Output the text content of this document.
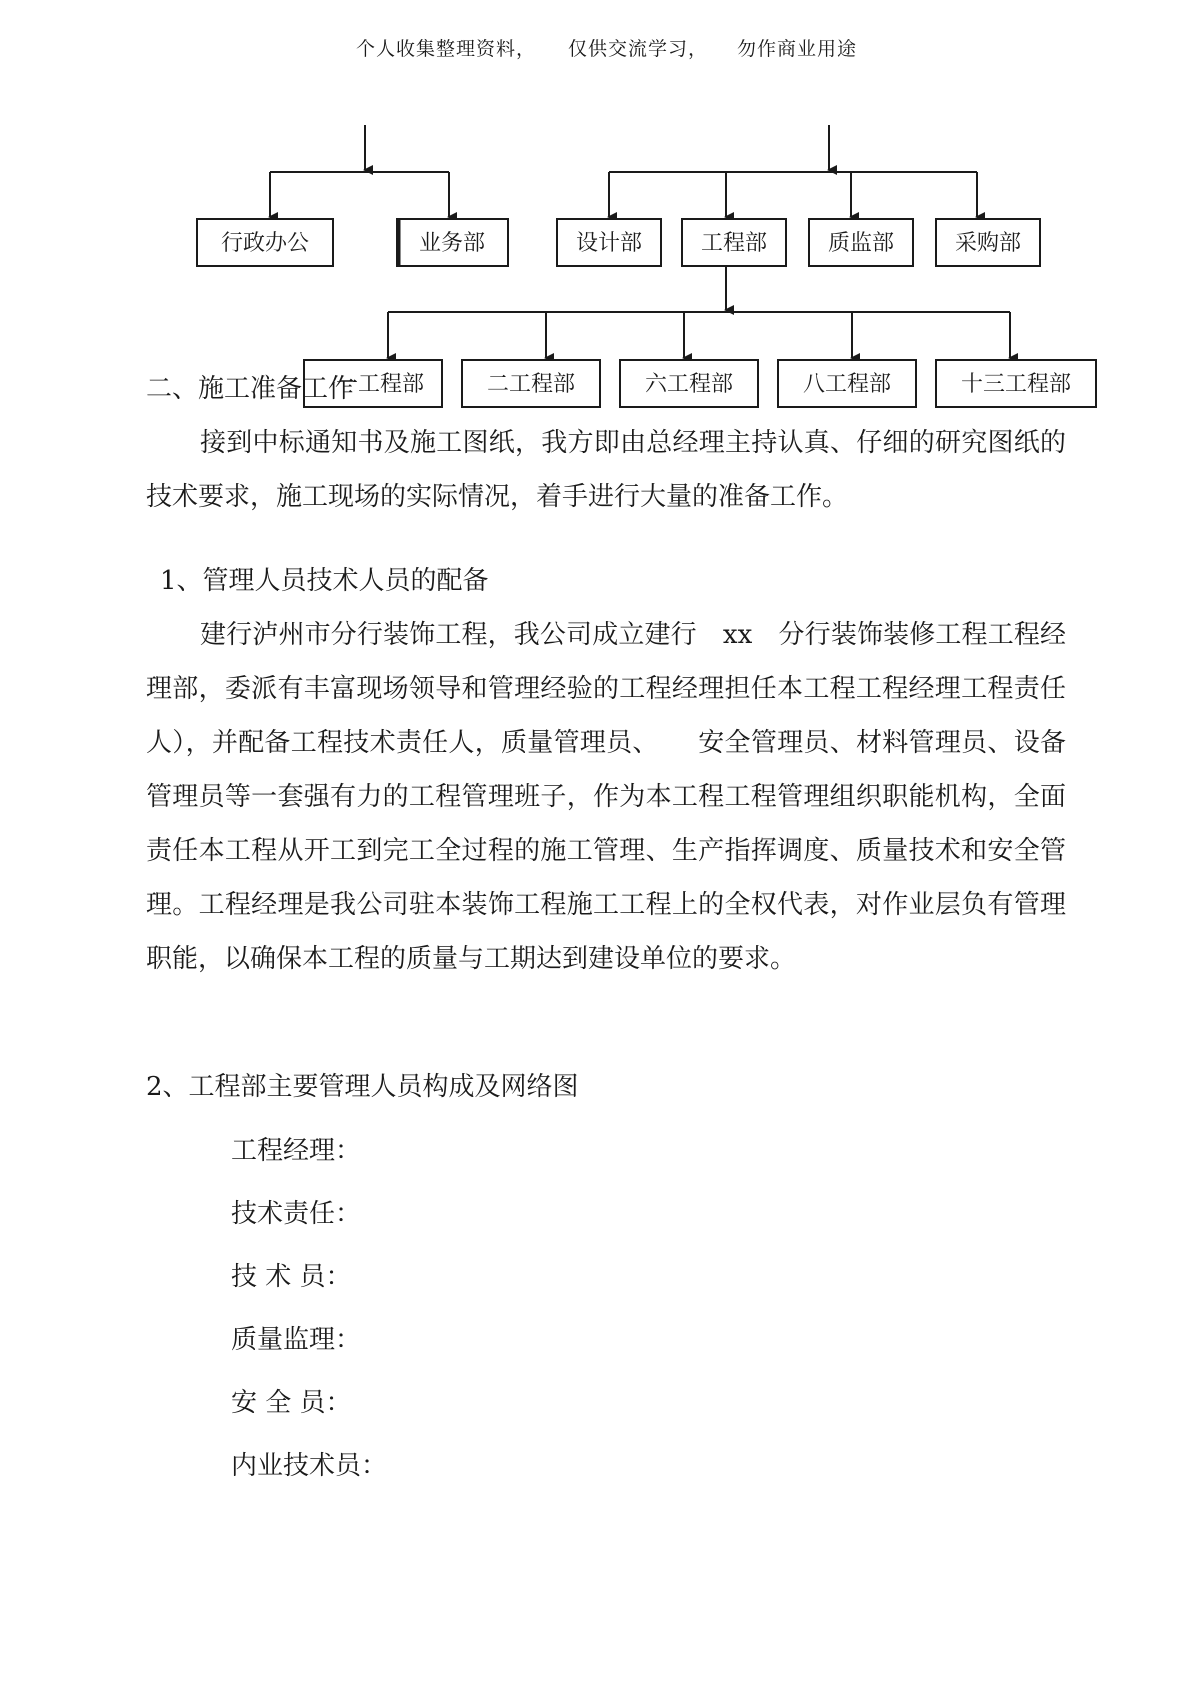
个人收集整理资料， 仅供交流学习， 勿作商业用途
行政办公	业务部	设计部	工程部	质监部	采购部
一工程部	二工程部	六工程部	八工程部	十三工程部
二、施工准备工作
接到中标通知书及施工图纸，我方即由总经理主持认真、仔细的研究图纸的技术要求，施工现场的实际情况，着手进行大量的准备工作。
1、管理人员技术人员的配备
建行泸州市分行装饰工程，我公司成立建行　xx　分行装饰装修工程工程经理部，委派有丰富现场领导和管理经验的工程经理担任本工程工程经理工程责任人），并配备工程技术责任人，质量管理员、　　安全管理员、材料管理员、设备管理员等一套强有力的工程管理班子，作为本工程工程管理组织职能机构，全面责任本工程从开工到完工全过程的施工管理、生产指挥调度、质量技术和安全管理。工程经理是我公司驻本装饰工程施工工程上的全权代表，对作业层负有管理职能，以确保本工程的质量与工期达到建设单位的要求。
2、工程部主要管理人员构成及网络图
工程经理：
技术责任：
技 术 员：
质量监理：
安 全 员：
内业技术员：
